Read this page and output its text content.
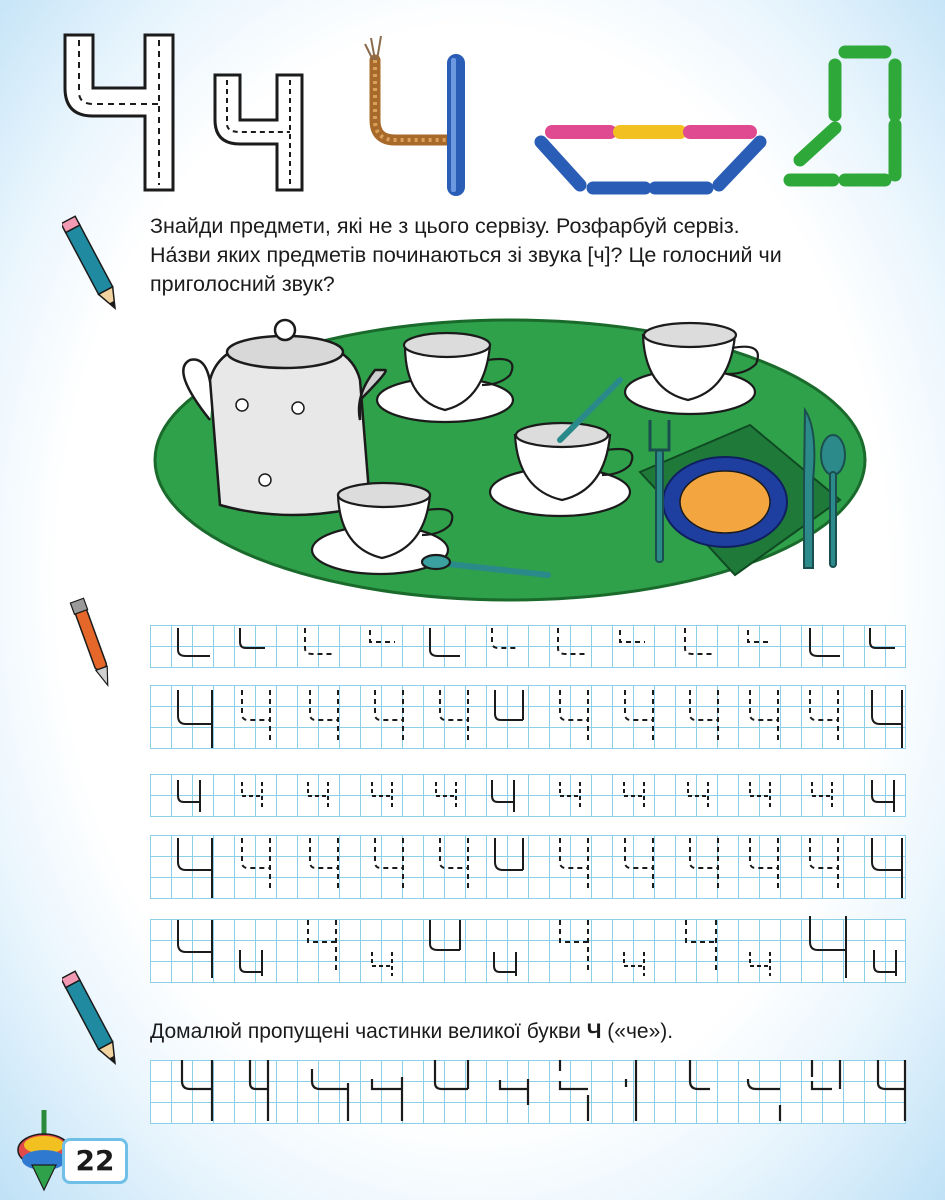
Знайди предмети, які не з цього сервізу. Розфарбуй сервіз.
На́зви яких предметів починаються зі звука [ч]? Це голосний чи
приголосний звук?
Домалюй пропущені частинки великої букви Ч («че»).
22
